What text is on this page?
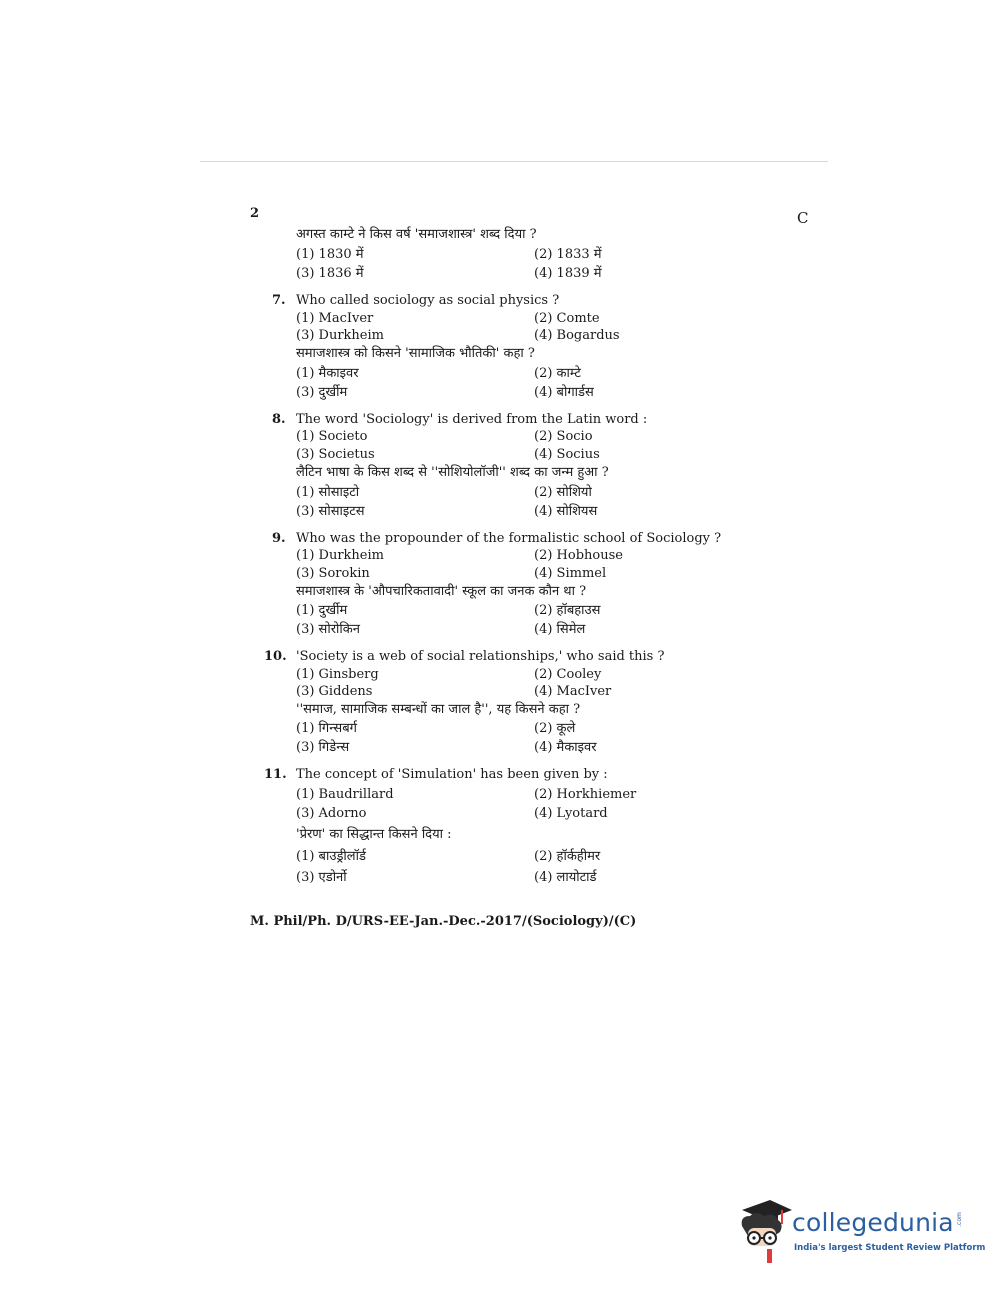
2	C
अगस्त काम्टे ने किस वर्ष 'समाजशास्त्र' शब्द दिया ?
(1) 1830 में	(2) 1833 में
(3) 1836 में	(4) 1839 में
7. Who called sociology as social physics ?
(1) MacIver	(2) Comte
(3) Durkheim	(4) Bogardus
समाजशास्त्र को किसने 'सामाजिक भौतिकी' कहा ?
(1) मैकाइवर	(2) काम्टे
(3) दुर्खीम	(4) बोगार्डस
8. The word 'Sociology' is derived from the Latin word :
(1) Societo	(2) Socio
(3) Societus	(4) Socius
लैटिन भाषा के किस शब्द से ''सोशियोलॉजी'' शब्द का जन्म हुआ ?
(1) सोसाइटो	(2) सोशियो
(3) सोसाइटस	(4) सोशियस
9. Who was the propounder of the formalistic school of Sociology ?
(1) Durkheim	(2) Hobhouse
(3) Sorokin	(4) Simmel
समाजशास्त्र के 'औपचारिकतावादी' स्कूल का जनक कौन था ?
(1) दुर्खीम	(2) हॉबहाउस
(3) सोरोकिन	(4) सिमेल
10. 'Society is a web of social relationships,' who said this ?
(1) Ginsberg	(2) Cooley
(3) Giddens	(4) MacIver
''समाज, सामाजिक सम्बन्धों का जाल है'', यह किसने कहा ?
(1) गिन्सबर्ग	(2) कूले
(3) गिडेन्स	(4) मैकाइवर
11. The concept of 'Simulation' has been given by :
(1) Baudrillard	(2) Horkhiemer
(3) Adorno	(4) Lyotard
'प्रेरण' का सिद्धान्त किसने दिया :
(1) बाउड्रीलॉर्ड	(2) हॉर्कहीमर
(3) एडोर्नो	(4) लायोटार्ड
M. Phil/Ph. D/URS-EE-Jan.-Dec.-2017/(Sociology)/(C)
collegedunia .com
India's largest Student Review Platform
